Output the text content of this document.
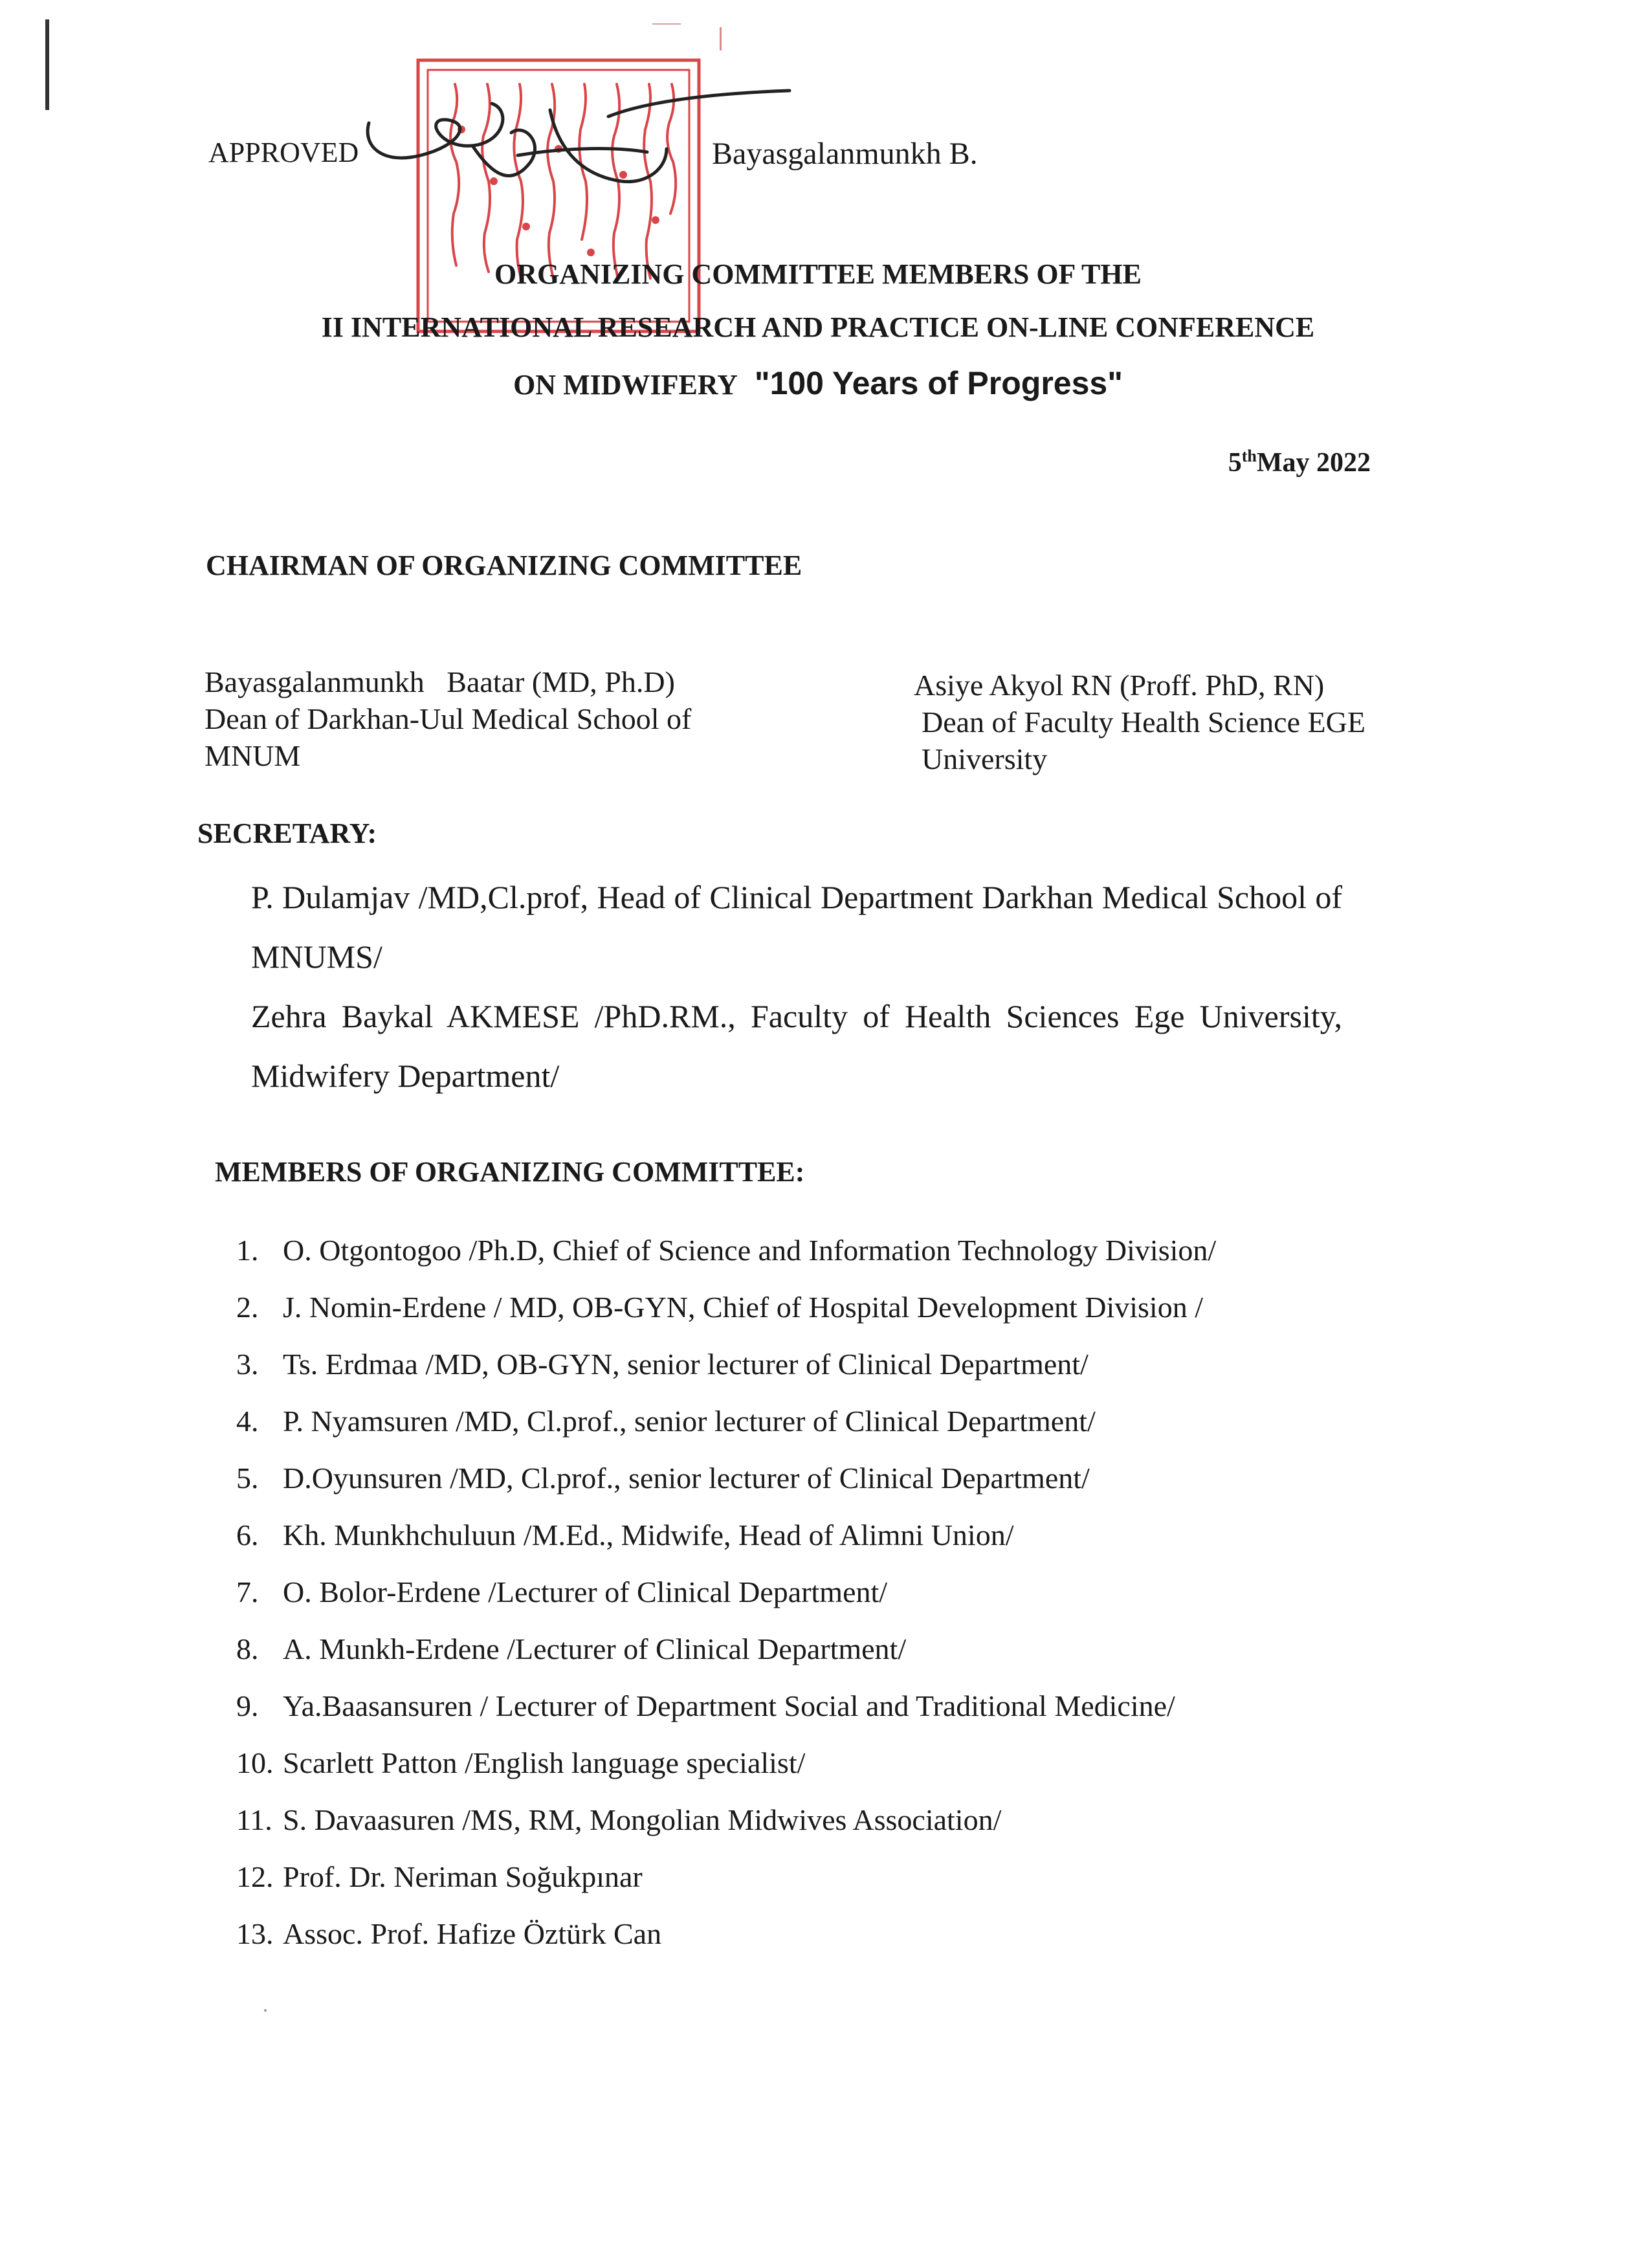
APPROVED	Bayasgalanmunkh B.
ORGANIZING COMMITTEE MEMBERS OF THE
II INTERNATIONAL RESEARCH AND PRACTICE ON-LINE CONFERENCE
ON MIDWIFERY "100 Years of Progress"
5thMay 2022
CHAIRMAN OF ORGANIZING COMMITTEE
Bayasgalanmunkh   Baatar (MD, Ph.D)
Dean of Darkhan-Uul Medical School of
MNUM
Asiye Akyol RN (Proff. PhD, RN)
Dean of Faculty Health Science EGE
University
SECRETARY:
P. Dulamjav /MD,Cl.prof, Head of Clinical Department Darkhan Medical School of MNUMS/
Zehra Baykal AKMESE /PhD.RM., Faculty of Health Sciences Ege University, Midwifery Department/
MEMBERS OF ORGANIZING COMMITTEE:
1. O. Otgontogoo /Ph.D, Chief of Science and Information Technology Division/
2. J. Nomin-Erdene / MD, OB-GYN, Chief of Hospital Development Division /
3. Ts. Erdmaa /MD, OB-GYN, senior lecturer of Clinical Department/
4. P. Nyamsuren /MD, Cl.prof., senior lecturer of Clinical Department/
5. D.Oyunsuren /MD, Cl.prof., senior lecturer of Clinical Department/
6. Kh. Munkhchuluun /M.Ed., Midwife, Head of Alimni Union/
7. O. Bolor-Erdene /Lecturer of Clinical Department/
8. A. Munkh-Erdene /Lecturer of Clinical Department/
9. Ya.Baasansuren / Lecturer of Department Social and Traditional Medicine/
10. Scarlett Patton /English language specialist/
11. S. Davaasuren /MS, RM, Mongolian Midwives Association/
12. Prof. Dr. Neriman Soğukpınar
13. Assoc. Prof. Hafize Öztürk Can
